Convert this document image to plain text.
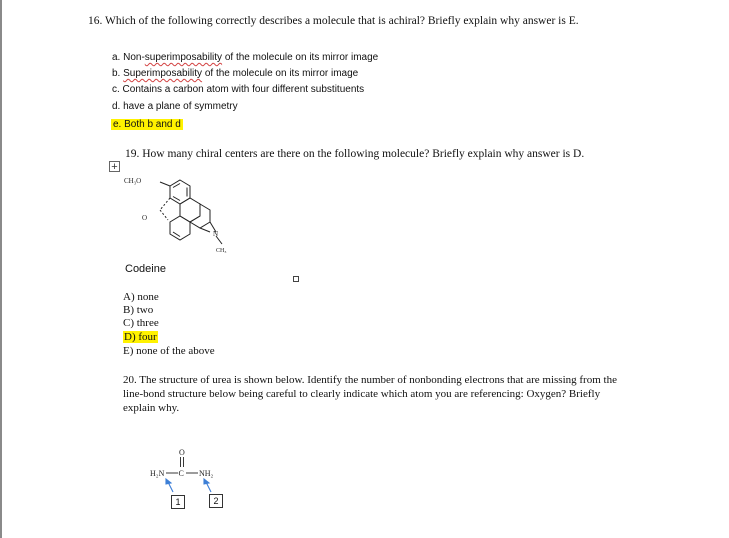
16. Which of the following correctly describes a molecule that is achiral? Briefly explain why answer is E.
a. Non-superimposability of the molecule on its mirror image
b. Superimposability of the molecule on its mirror image
c. Contains a carbon atom with four different substituents
d. have a plane of symmetry
e. Both b and d
19. How many chiral centers are there on the following molecule? Briefly explain why answer is D.
+
CH₃O
O
N
CH₃
Codeine
A) none
B) two
C) three
D) four
E) none of the above
20. The structure of urea is shown below. Identify the number of nonbonding electrons that are missing from the line-bond structure below being careful to clearly indicate which atom you are referencing: Oxygen? Briefly explain why.
O
H₂N C NH₂
1	2
